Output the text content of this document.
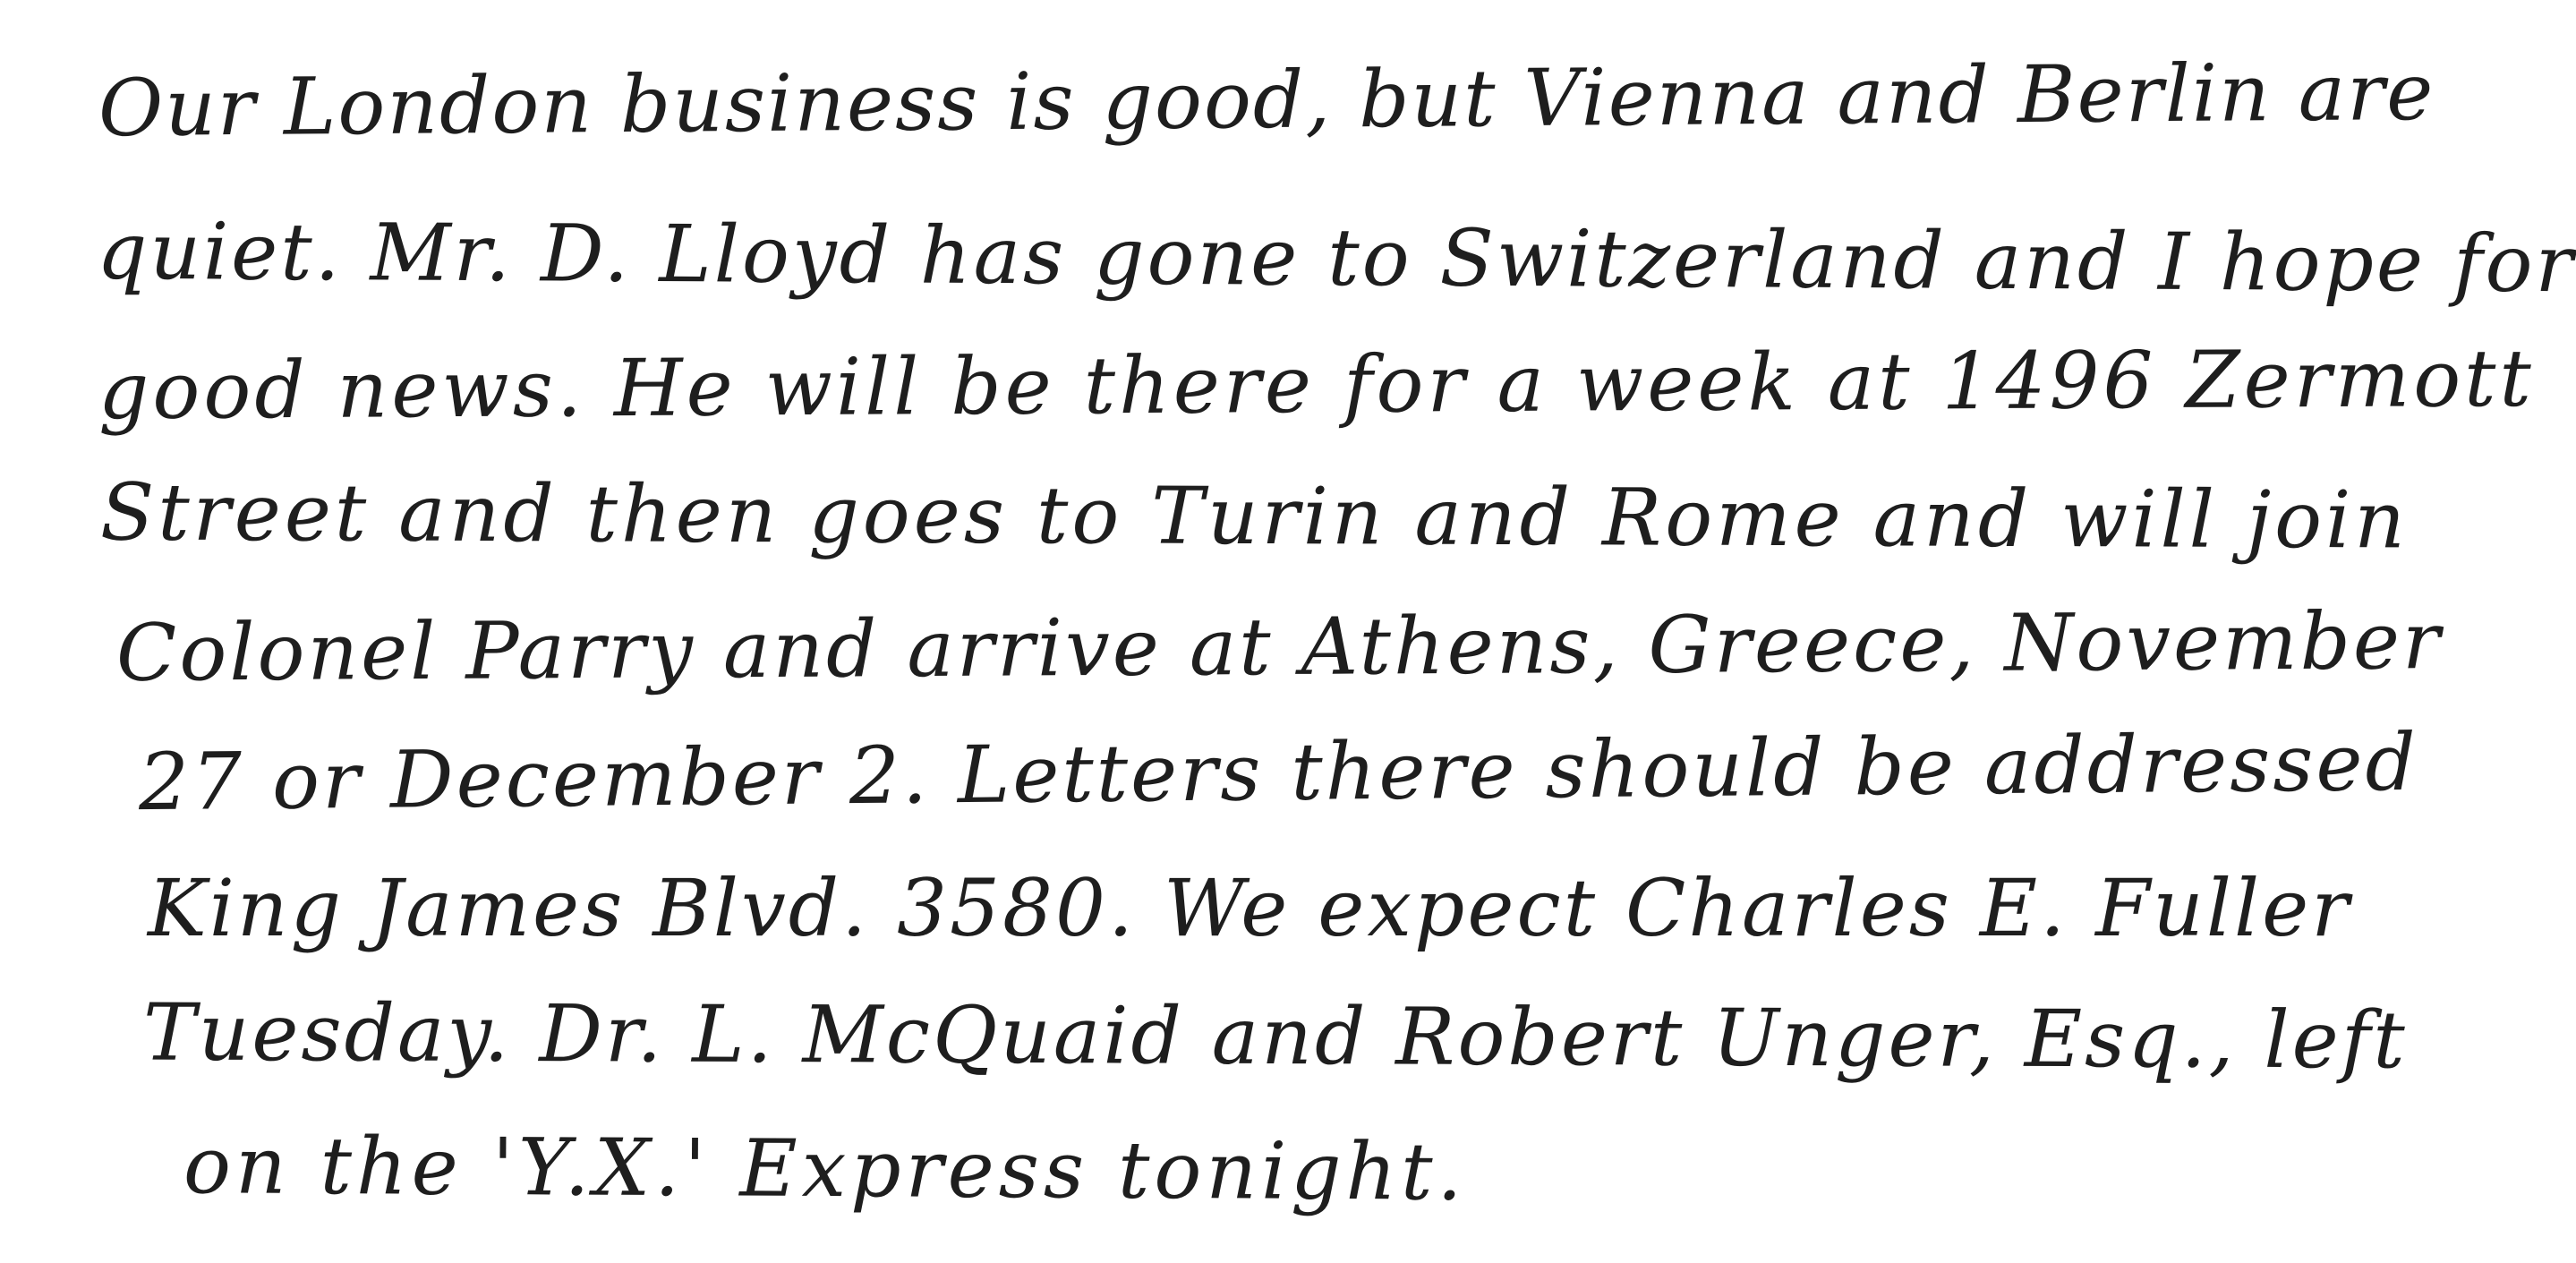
Our London business is good, but Vienna and Berlin are
quiet. Mr. D. Lloyd has gone to Switzerland and I hope for
good news. He will be there for a week at 1496 Zermott
Street and then goes to Turin and Rome and will join
Colonel Parry and arrive at Athens, Greece, November
27 or December 2. Letters there should be addressed
King James Blvd. 3580. We expect Charles E. Fuller
Tuesday. Dr. L. McQuaid and Robert Unger, Esq., left
on the 'Y.X.' Express tonight.
